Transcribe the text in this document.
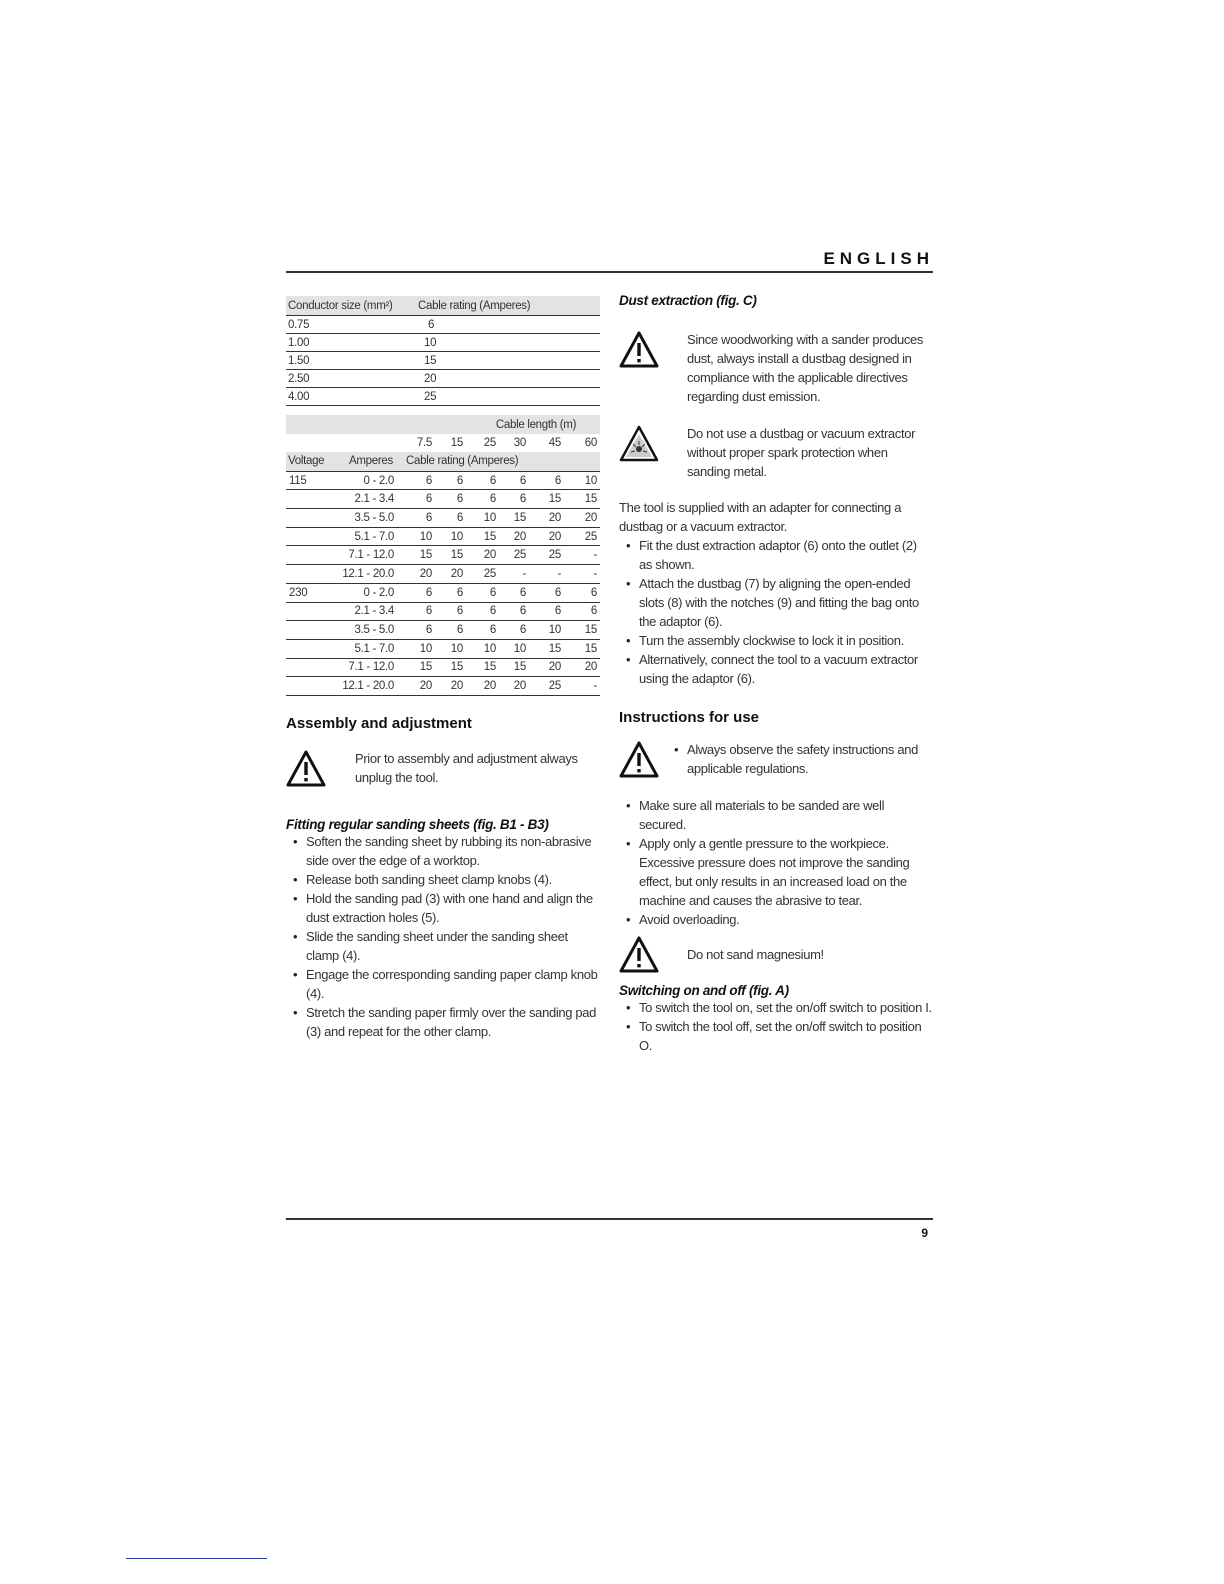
ENGLISH
Conductor size (mm²)	Cable rating (Amperes)
0.75	6
1.00	10
1.50	15
2.50	20
4.00	25
		Cable length (m)					
		7.5	15	25	30	45	60
Voltage	Amperes	Cable rating (Amperes)					
115	0 - 2.0	6	6	6	6	6	10
	2.1 - 3.4	6	6	6	6	15	15
	3.5 - 5.0	6	6	10	15	20	20
	5.1 - 7.0	10	10	15	20	20	25
	7.1 - 12.0	15	15	20	25	25	-
	12.1 - 20.0	20	20	25	-	-	-
230	0 - 2.0	6	6	6	6	6	6
	2.1 - 3.4	6	6	6	6	6	6
	3.5 - 5.0	6	6	6	6	10	15
	5.1 - 7.0	10	10	10	10	15	15
	7.1 - 12.0	15	15	15	15	20	20
	12.1 - 20.0	20	20	20	20	25	-
Assembly and adjustment

Prior to assembly and adjustment always unplug the tool.

Fitting regular sanding sheets (fig. B1 - B3)
• Soften the sanding sheet by rubbing its non-abrasive side over the edge of a worktop.
• Release both sanding sheet clamp knobs (4).
• Hold the sanding pad (3) with one hand and align the dust extraction holes (5).
• Slide the sanding sheet under the sanding sheet clamp (4).
• Engage the corresponding sanding paper clamp knob (4).
• Stretch the sanding paper firmly over the sanding pad (3) and repeat for the other clamp.
Dust extraction (fig. C)

Since woodworking with a sander produces dust, always install a dustbag designed in compliance with the applicable directives regarding dust emission.

Do not use a dustbag or vacuum extractor without proper spark protection when sanding metal.

The tool is supplied with an adapter for connecting a dustbag or a vacuum extractor.

• Fit the dust extraction adaptor (6) onto the outlet (2) as shown.
• Attach the dustbag (7) by aligning the open-ended slots (8) with the notches (9) and fitting the bag onto the adaptor (6).
• Turn the assembly clockwise to lock it in position.
• Alternatively, connect the tool to a vacuum extractor using the adaptor (6).
Instructions for use
• Always observe the safety instructions and applicable regulations.
• Make sure all materials to be sanded are well secured.
• Apply only a gentle pressure to the workpiece. Excessive pressure does not improve the sanding effect, but only results in an increased load on the machine and causes the abrasive to tear.
• Avoid overloading.

Do not sand magnesium!

Switching on and off (fig. A)
• To switch the tool on, set the on/off switch to position I.
• To switch the tool off, set the on/off switch to position O.
9
